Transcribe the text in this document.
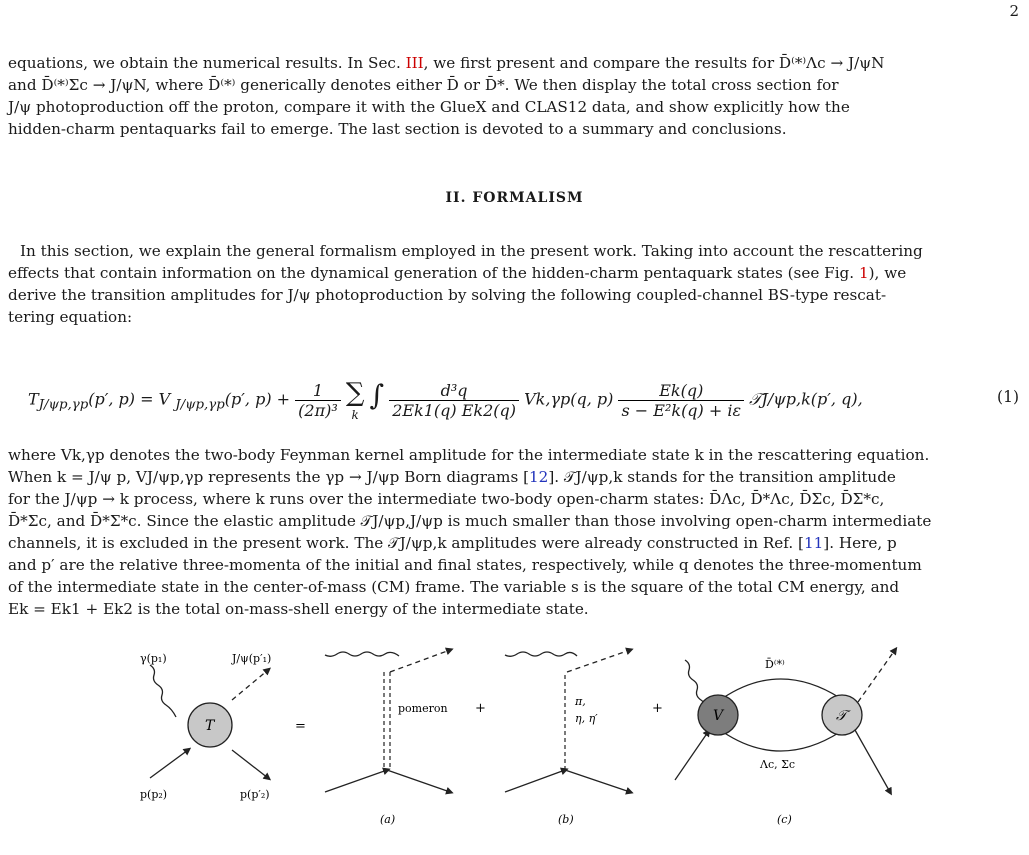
2
equations, we obtain the numerical results. In Sec. III, we first present and compare the results for D̄⁽*⁾Λc → J/ψN
and D̄⁽*⁾Σc → J/ψN, where D̄⁽*⁾ generically denotes either D̄ or D̄*. We then display the total cross section for
J/ψ photoproduction off the proton, compare it with the GlueX and CLAS12 data, and show explicitly how the
hidden-charm pentaquarks fail to emerge. The last section is devoted to a summary and conclusions.
II. FORMALISM
In this section, we explain the general formalism employed in the present work. Taking into account the rescattering
effects that contain information on the dynamical generation of the hidden-charm pentaquark states (see Fig. 1), we
derive the transition amplitudes for J/ψ photoproduction by solving the following coupled-channel BS-type rescat-
tering equation:
$T_{J/\psi p,\gamma p}(p'$, p) = V $_{J/\psi p,\gamma p}$(p′, $p) + \frac{1}{\text{(2π)³}}$ ∑
k
∫ $\frac{\text{d³q}}{2Ek1(q) Ek2(q)} Vk,\gamma p(q$, $p) \frac{Ek(q)}{\text{s − E²k(q) + iε}}$ 𝒯J/ψp,k(p′, q),	(1)
where Vk,γp denotes the two-body Feynman kernel amplitude for the intermediate state k in the rescattering equation.
When k = J/ψ p, VJ/ψp,γp represents the γp → J/ψp Born diagrams [12]. 𝒯J/ψp,k stands for the transition amplitude
for the J/ψp → k process, where k runs over the intermediate two-body open-charm states: D̄Λc, D̄*Λc, D̄Σc, D̄Σ*c,
D̄*Σc, and D̄*Σ*c. Since the elastic amplitude 𝒯J/ψp,J/ψp is much smaller than those involving open-charm intermediate
channels, it is excluded in the present work. The 𝒯J/ψp,k amplitudes were already constructed in Ref. [11]. Here, p
and p′ are the relative three-momenta of the initial and final states, respectively, while q denotes the three-momentum
of the intermediate state in the center-of-mass (CM) frame. The variable s is the square of the total CM energy, and
Ek = Ek1 + Ek2 is the total on-mass-shell energy of the intermediate state.
T
γ(p₁)	J/ψ(p′₁)
p(p₂)	p(p′₂)
=
pomeron
(a)
+	π,
η, η′
(b)
+	V	𝒯
D̄⁽*⁾
Λc, Σc
(c)
